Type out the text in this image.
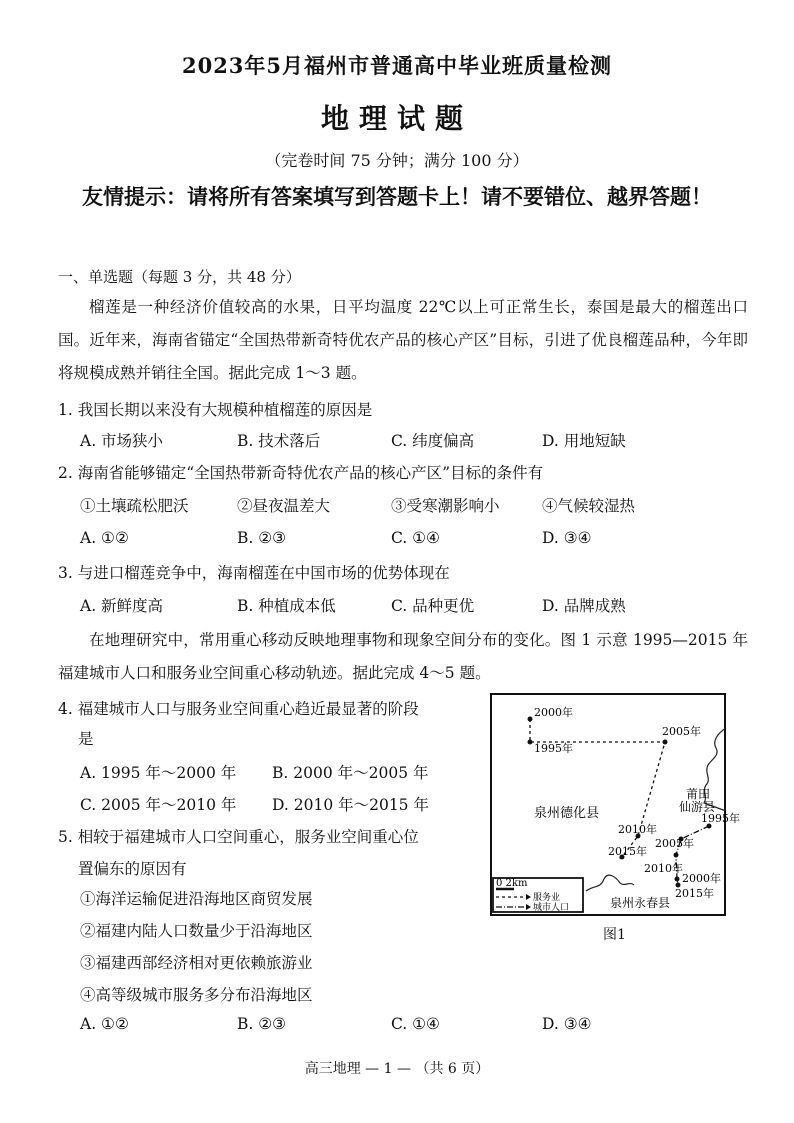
2023年5月福州市普通高中毕业班质量检测
地理试题
（完卷时间 75 分钟；满分 100 分）
友情提示：请将所有答案填写到答题卡上！请不要错位、越界答题！
一、单选题（每题 3 分，共 48 分）
榴莲是一种经济价值较高的水果，日平均温度 22℃以上可正常生长，泰国是最大的榴莲出口国。近年来，海南省锚定“全国热带新奇特优农产品的核心产区”目标，引进了优良榴莲品种，今年即将规模成熟并销往全国。据此完成 1～3 题。
1. 我国长期以来没有大规模种植榴莲的原因是
A. 市场狭小	B. 技术落后	C. 纬度偏高	D. 用地短缺
2. 海南省能够锚定“全国热带新奇特优农产品的核心产区”目标的条件有
①土壤疏松肥沃	②昼夜温差大	③受寒潮影响小	④气候较湿热
A. ①②	B. ②③	C. ①④	D. ③④
3. 与进口榴莲竞争中，海南榴莲在中国市场的优势体现在
A. 新鲜度高	B. 种植成本低	C. 品种更优	D. 品牌成熟
在地理研究中，常用重心移动反映地理事物和现象空间分布的变化。图 1 示意 1995—2015 年福建城市人口和服务业空间重心移动轨迹。据此完成 4～5 题。
4. 福建城市人口与服务业空间重心趋近最显著的阶段
是
A. 1995 年～2000 年 B. 2000 年～2005 年
C. 2005 年～2010 年 D. 2010 年～2015 年
5. 相较于福建城市人口空间重心，服务业空间重心位
置偏东的原因有
①海洋运输促进沿海地区商贸发展
②福建内陆人口数量少于沿海地区
③福建西部经济相对更依赖旅游业
④高等级城市服务多分布沿海地区
A. ①②	B. ②③	C. ①④	D. ③④
2000年
2005年
1995年
2010年
2015年
1995年
2005年
2010年
2000年
2015年
泉州德化县
莆田
仙游县
泉州永春县
0 2km
服务业
城市人口
图1
高三地理 — 1 — （共 6 页）
